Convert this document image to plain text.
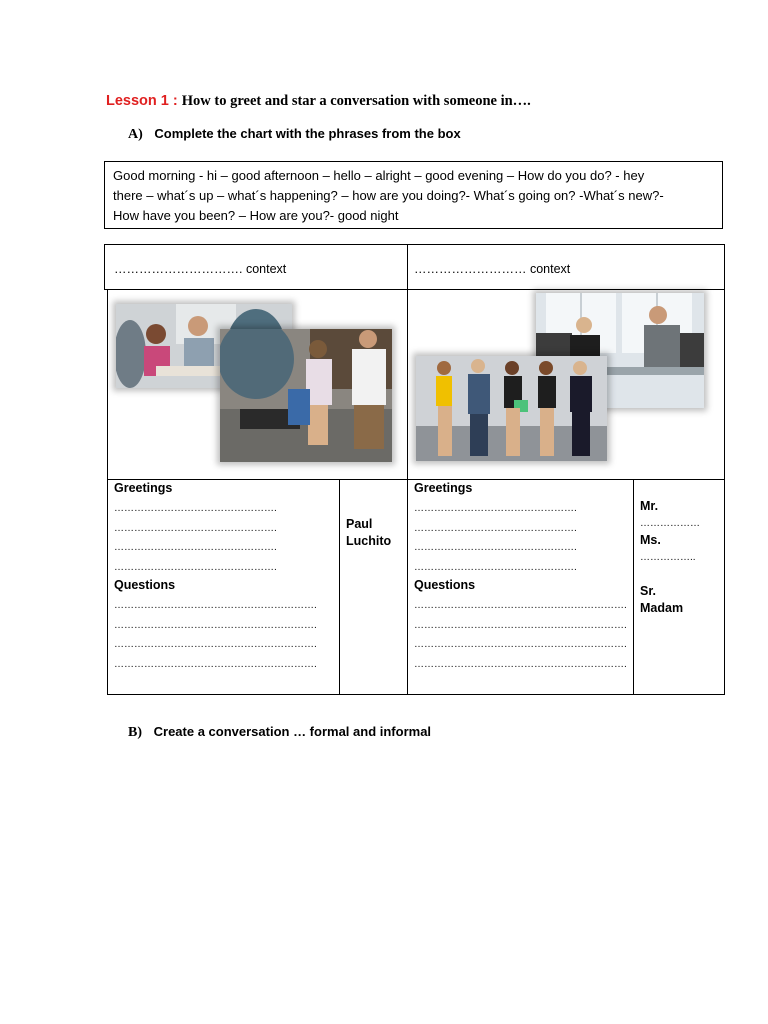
Lesson 1 : How to greet and star a conversation with someone in….
A) Complete the chart with the phrases from the box

Good morning - hi – good afternoon – hello – alright – good evening – How do you do? - hey

there – what´s up – what´s happening? – how are you doing?- What´s going on? -What´s new?-

How have you been? – How are you?- good night

…………………………. context	……………………… context
Greetings
………………………………………….
………………………………………….
………………………………………….
………………………………………….
Questions
…………………………………………………….
…………………………………………………….
…………………………………………………….
…………………………………………………….
Paul
Luchito
Greetings
………………………………………….
………………………………………….
………………………………………….
………………………………………….
Questions
……………………………………………………….
……………………………………………………….
……………………………………………………….
……………………………………………………….
Mr.
………………
Ms.
……………..
Sr.
Madam
B) Create a conversation … formal and informal
